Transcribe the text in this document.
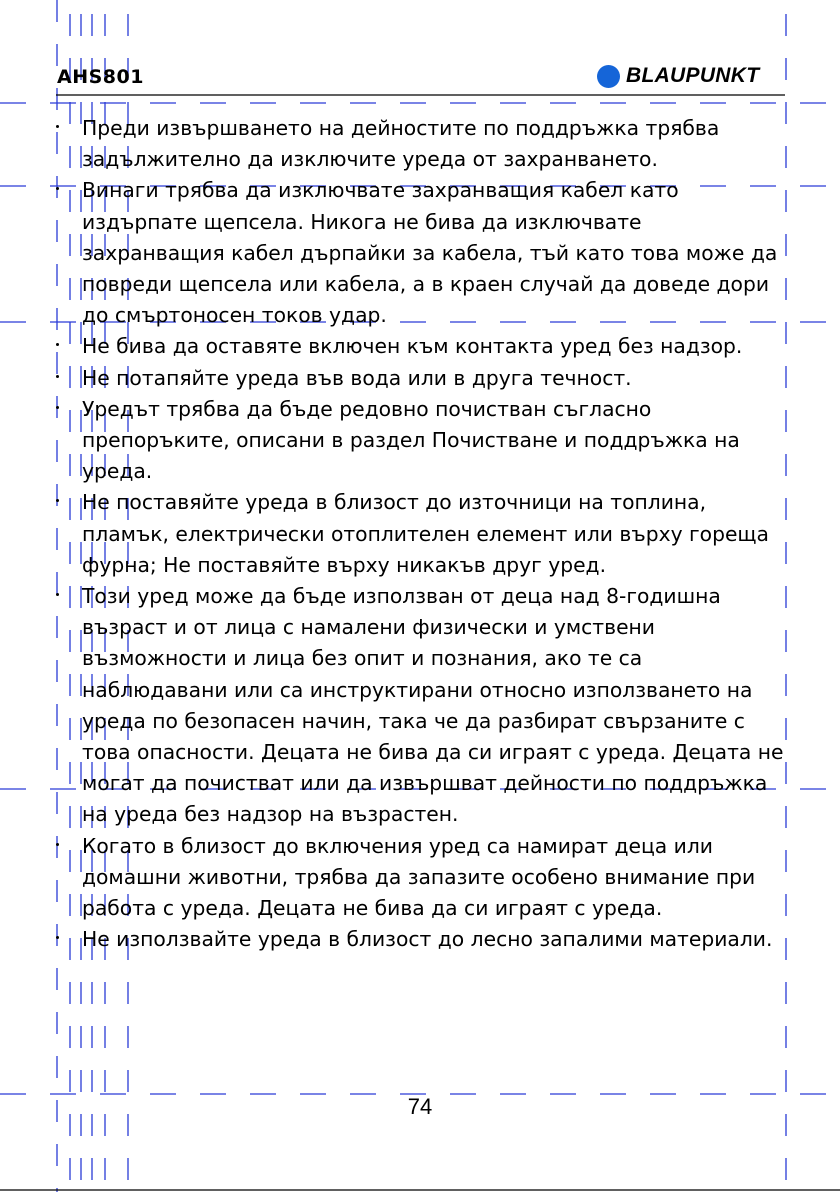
AHS801	BLAUPUNKT
Преди извършването на дейностите по поддръжка трябва задължително да изключите уреда от захранването.
Винаги трябва да изключвате захранващия кабел като издърпате щепсела. Никога не бива да изключвате захранващия кабел дърпайки за кабела, тъй като това може да повреди щепсела или кабела, а в краен случай да доведе дори до смъртоносен токов удар.
Не бива да оставяте включен към контакта уред без надзор.
Не потапяйте уреда във вода или в друга течност.
Уредът трябва да бъде редовно почистван съгласно препоръките, описани в раздел Почистване и поддръжка на уреда.
Не поставяйте уреда в близост до източници на топлина, пламък, електрически отоплителен елемент или върху гореща фурна; Не поставяйте върху никакъв друг уред.
Този уред може да бъде използван от деца над 8-годишна възраст и от лица с намалени физически и умствени възможности и лица без опит и познания, ако те са наблюдавани или са инструктирани относно използването на уреда по безопасен начин, така че да разбират свързаните с това опасности. Децата не бива да си играят с уреда. Децата не могат да почистват или да извършват дейности по поддръжка на уреда без надзор на възрастен.
Когато в близост до включения уред са намират деца или домашни животни, трябва да запазите особено внимание при работа с уреда. Децата не бива да си играят с уреда.
Не използвайте уреда в близост до лесно запалими материали.
74
